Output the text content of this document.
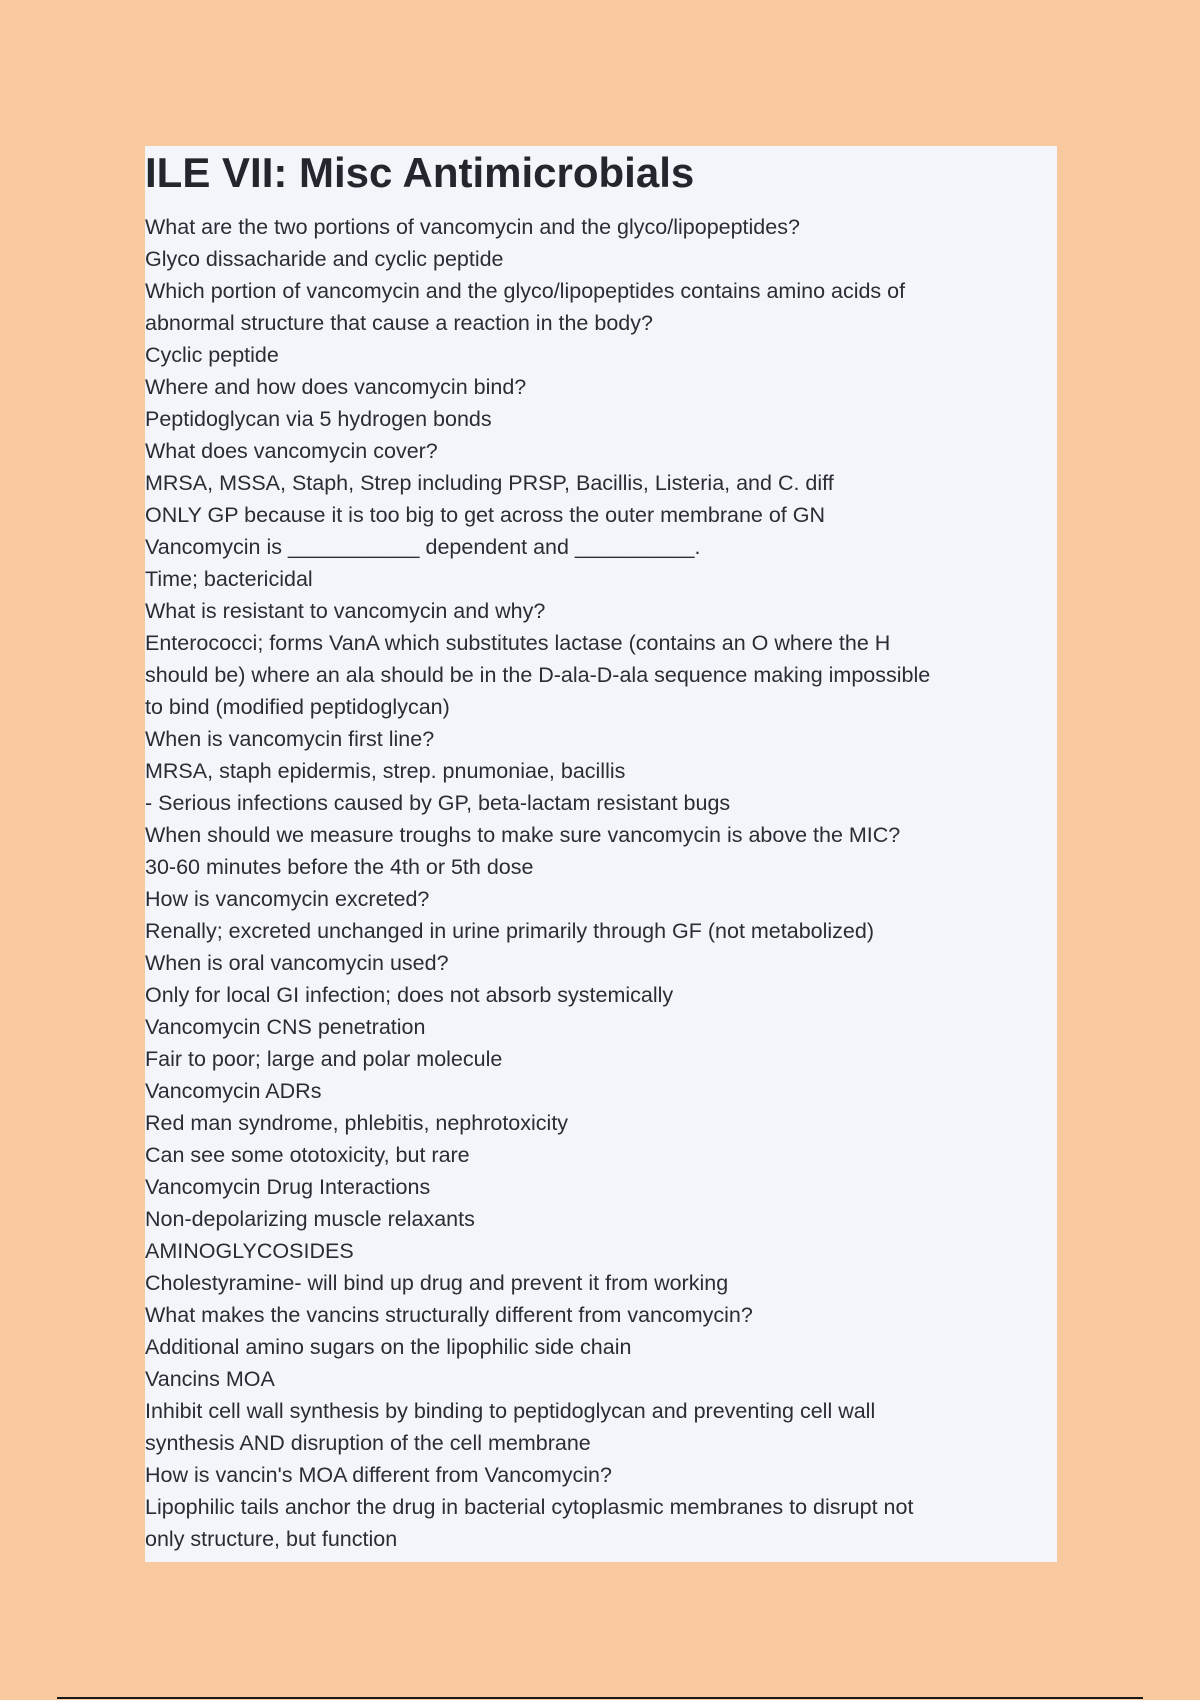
ILE VII: Misc Antimicrobials
What are the two portions of vancomycin and the glyco/lipopeptides?
Glyco dissacharide and cyclic peptide
Which portion of vancomycin and the glyco/lipopeptides contains amino acids of
abnormal structure that cause a reaction in the body?
Cyclic peptide
Where and how does vancomycin bind?
Peptidoglycan via 5 hydrogen bonds
What does vancomycin cover?
MRSA, MSSA, Staph, Strep including PRSP, Bacillis, Listeria, and C. diff
ONLY GP because it is too big to get across the outer membrane of GN
Vancomycin is ___________ dependent and __________.
Time; bactericidal
What is resistant to vancomycin and why?
Enterococci; forms VanA which substitutes lactase (contains an O where the H
should be) where an ala should be in the D-ala-D-ala sequence making impossible
to bind (modified peptidoglycan)
When is vancomycin first line?
MRSA, staph epidermis, strep. pnumoniae, bacillis
- Serious infections caused by GP, beta-lactam resistant bugs
When should we measure troughs to make sure vancomycin is above the MIC?
30-60 minutes before the 4th or 5th dose
How is vancomycin excreted?
Renally; excreted unchanged in urine primarily through GF (not metabolized)
When is oral vancomycin used?
Only for local GI infection; does not absorb systemically
Vancomycin CNS penetration
Fair to poor; large and polar molecule
Vancomycin ADRs
Red man syndrome, phlebitis, nephrotoxicity
Can see some ototoxicity, but rare
Vancomycin Drug Interactions
Non-depolarizing muscle relaxants
AMINOGLYCOSIDES
Cholestyramine- will bind up drug and prevent it from working
What makes the vancins structurally different from vancomycin?
Additional amino sugars on the lipophilic side chain
Vancins MOA
Inhibit cell wall synthesis by binding to peptidoglycan and preventing cell wall
synthesis AND disruption of the cell membrane
How is vancin's MOA different from Vancomycin?
Lipophilic tails anchor the drug in bacterial cytoplasmic membranes to disrupt not
only structure, but function
